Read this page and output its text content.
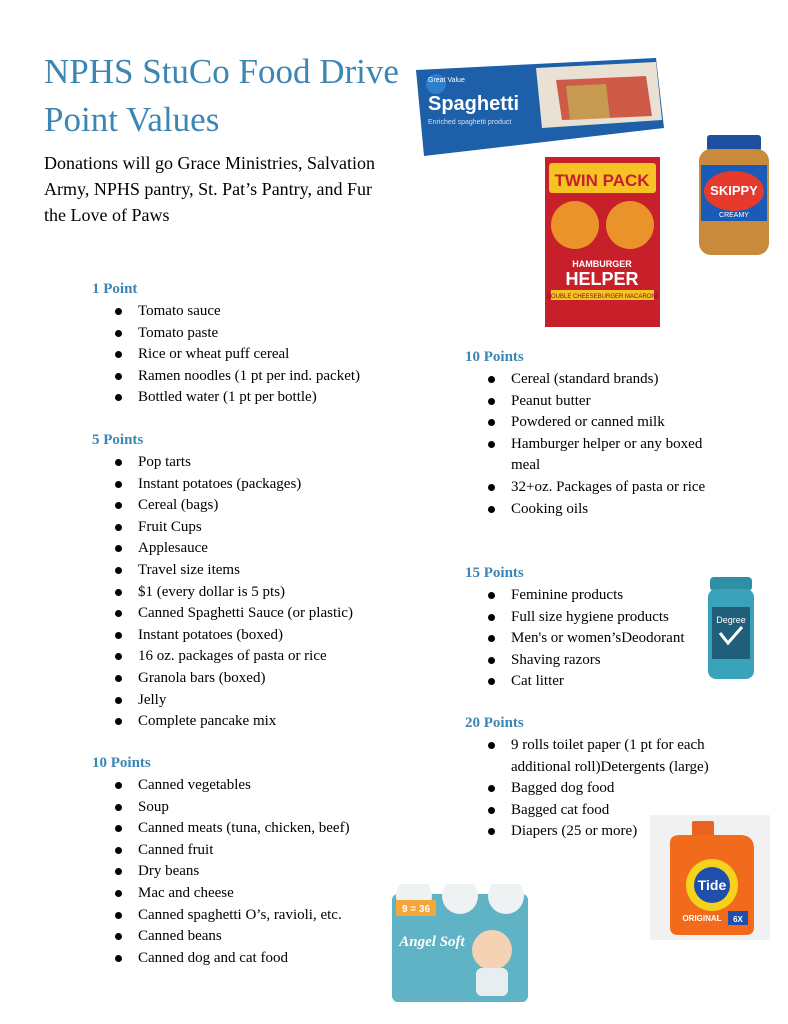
NPHS StuCo Food Drive Point Values

Donations will go Grace Ministries, Salvation Army, NPHS pantry, St. Pat’s Pantry, and Fur the Love of Paws

1 Point
Tomato sauce
Tomato paste
Rice or wheat puff cereal
Ramen noodles (1 pt per ind. packet)
Bottled water (1 pt per bottle)
5 Points
Pop tarts
Instant potatoes (packages)
Cereal (bags)
Fruit Cups
Applesauce
Travel size items
$1 (every dollar is 5 pts)
Canned Spaghetti Sauce (or plastic)
Instant potatoes (boxed)
16 oz. packages of pasta or rice
Granola bars (boxed)
Jelly
Complete pancake mix
10 Points
Canned vegetables
Soup
Canned meats (tuna, chicken, beef)
Canned fruit
Dry beans
Mac and cheese
Canned spaghetti O’s, ravioli, etc.
Canned beans
Canned dog and cat food
10 Points
Cereal (standard brands)
Peanut butter
Powdered or canned milk
Hamburger helper or any boxed meal
32+oz. Packages of pasta or rice
Cooking oils
15 Points
Feminine products
Full size hygiene products
Men's or women’sDeodorant
Shaving razors
Cat litter
20 Points
9 rolls toilet paper (1 pt for each additional roll)Detergents (large)
Bagged dog food
Bagged cat food
Diapers (25 or more)
Great Value
Spaghetti
Enriched spaghetti product
TWIN PACK
HAMBURGER
HELPER
DOUBLE CHEESEBURGER MACARONI
SKIPPY
CREAMY
Degree
Tide
ORIGINAL 6X
9 = 36
Angel Soft
